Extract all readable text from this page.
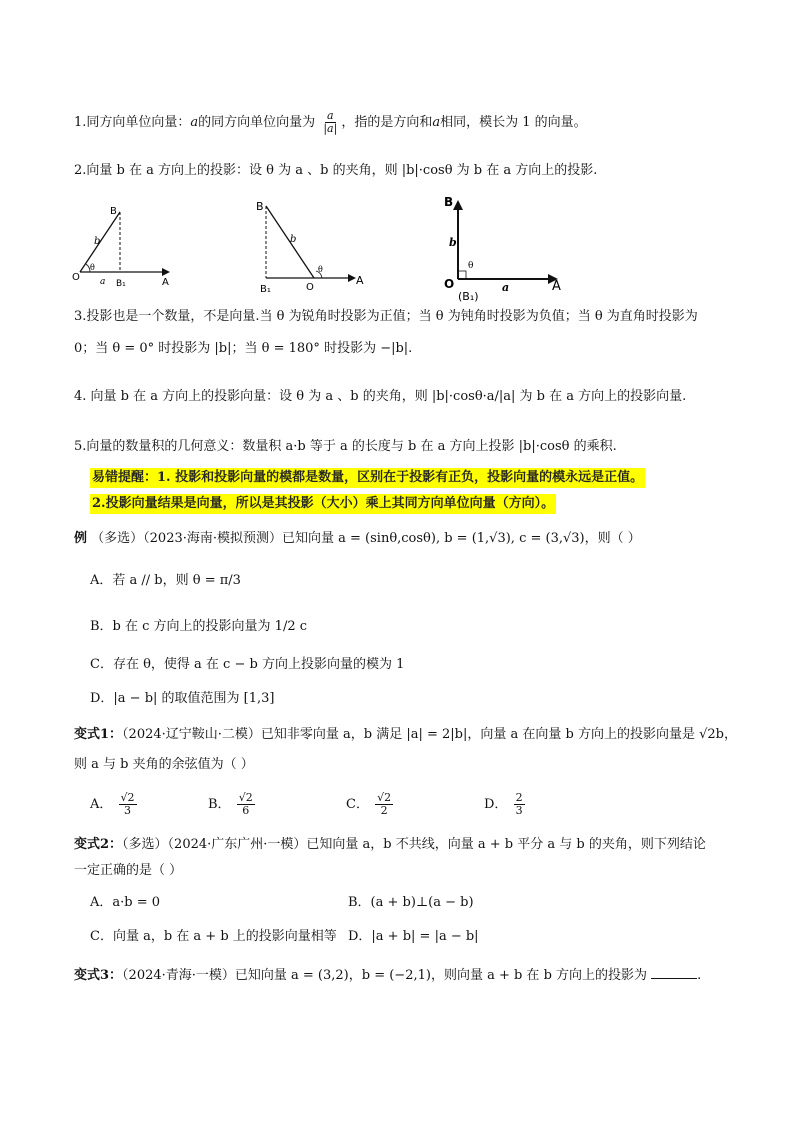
1.同方向单位向量：a的同方向单位向量为 $\frac{a}{|a|}$ ，指的是方向和a相同，模长为 1 的向量。
2.向量 b 在 a 方向上的投影：设 θ 为 a 、b 的夹角，则 |b|·cosθ 为 b 在 a 方向上的投影.
B
b
O
θ
a B₁	A
B
b
B₁	O
θ
A
B
b
θ
O
(B₁)
a	A
3.投影也是一个数量，不是向量.当 θ 为锐角时投影为正值；当 θ 为钝角时投影为负值；当 θ 为直角时投影为
0；当 θ = 0° 时投影为 |b|；当 θ = 180° 时投影为 −|b|.
4. 向量 b 在 a 方向上的投影向量：设 θ 为 a 、b 的夹角，则 |b|·cosθ·a/|a| 为 b 在 a 方向上的投影向量.
5.向量的数量积的几何意义：数量积 a·b 等于 a 的长度与 b 在 a 方向上投影 |b|·cosθ 的乘积.
易错提醒：1. 投影和投影向量的模都是数量，区别在于投影有正负，投影向量的模永远是正值。
2.投影向量结果是向量，所以是其投影（大小）乘上其同方向单位向量（方向）。
例 （多选）（2023·海南·模拟预测）已知向量 a = (sinθ,cosθ), b = (1,√3), c = (3,√3)，则（ ）
A．若 a // b，则 θ = π/3
B．b 在 c 方向上的投影向量为 1/2 c
C．存在 θ，使得 a 在 c − b 方向上投影向量的模为 1
D．|a − b| 的取值范围为 [1,3]
变式1：（2024·辽宁鞍山·二模）已知非零向量 a，b 满足 |a| = 2|b|，向量 a 在向量 b 方向上的投影向量是 √2b，
则 a 与 b 夹角的余弦值为（ ）
A． $\frac{√2}{3}$	B． $\frac{√2}{6}$	C． $\frac{√2}{2}$	D． $\frac{2}{3}$
变式2：（多选）（2024·广东广州·一模）已知向量 a，b 不共线，向量 a + b 平分 a 与 b 的夹角，则下列结论
一定正确的是（ ）
A．a·b = 0	B．(a + b)⊥(a − b)
C．向量 a，b 在 a + b 上的投影向量相等 D．|a + b| = |a − b|
变式3：（2024·青海·一模）已知向量 a = (3,2)，b = (−2,1)，则向量 a + b 在 b 方向上的投影为	.
